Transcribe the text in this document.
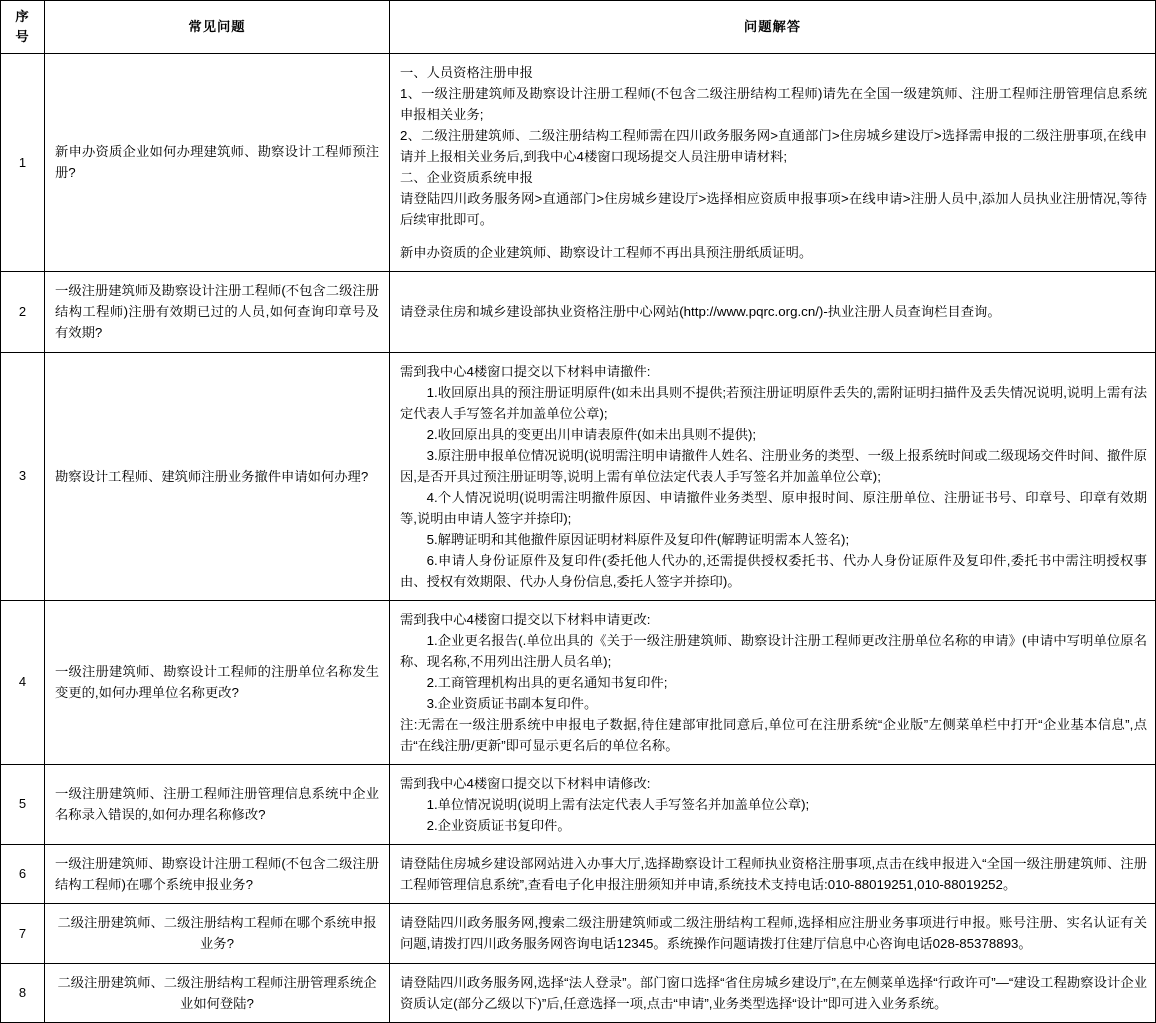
序号	常见问题	问题解答
1	新申办资质企业如何办理建筑师、勘察设计工程师预注册?	
一、人员资格注册申报
1、一级注册建筑师及勘察设计注册工程师(不包含二级注册结构工程师)请先在全国一级建筑师、注册工程师注册管理信息系统申报相关业务;
2、二级注册建筑师、二级注册结构工程师需在四川政务服务网>直通部门>住房城乡建设厅>选择需申报的二级注册事项,在线申请并上报相关业务后,到我中心4楼窗口现场提交人员注册申请材料;
二、企业资质系统申报
请登陆四川政务服务网>直通部门>住房城乡建设厅>选择相应资质申报事项>在线申请>注册人员中,添加人员执业注册情况,等待后续审批即可。
新申办资质的企业建筑师、勘察设计工程师不再出具预注册纸质证明。

2	一级注册建筑师及勘察设计注册工程师(不包含二级注册结构工程师)注册有效期已过的人员,如何查询印章号及有效期?	请登录住房和城乡建设部执业资格注册中心网站(http://www.pqrc.org.cn/)-执业注册人员查询栏目查询。

3	勘察设计工程师、建筑师注册业务撤件申请如何办理?	
需到我中心4楼窗口提交以下材料申请撤件:
1.收回原出具的预注册证明原件(如未出具则不提供;若预注册证明原件丢失的,需附证明扫描件及丢失情况说明,说明上需有法定代表人手写签名并加盖单位公章);
2.收回原出具的变更出川申请表原件(如未出具则不提供);
3.原注册申报单位情况说明(说明需注明申请撤件人姓名、注册业务的类型、一级上报系统时间或二级现场交件时间、撤件原因,是否开具过预注册证明等,说明上需有单位法定代表人手写签名并加盖单位公章);
4.个人情况说明(说明需注明撤件原因、申请撤件业务类型、原申报时间、原注册单位、注册证书号、印章号、印章有效期等,说明由申请人签字并捺印);
5.解聘证明和其他撤件原因证明材料原件及复印件(解聘证明需本人签名);
6.申请人身份证原件及复印件(委托他人代办的,还需提供授权委托书、代办人身份证原件及复印件,委托书中需注明授权事由、授权有效期限、代办人身份信息,委托人签字并捺印)。

4	一级注册建筑师、勘察设计工程师的注册单位名称发生变更的,如何办理单位名称更改?	需到我中心4楼窗口提交以下材料申请更改:
1.企业更名报告(.单位出具的《关于一级注册建筑师、勘察设计注册工程师更改注册单位名称的申请》(申请中写明单位原名称、现名称,不用列出注册人员名单);
2.工商管理机构出具的更名通知书复印件;
3.企业资质证书副本复印件。
注:无需在一级注册系统中申报电子数据,待住建部审批同意后,单位可在注册系统“企业版”左侧菜单栏中打开“企业基本信息”,点击“在线注册/更新”即可显示更名后的单位名称。

5	一级注册建筑师、注册工程师注册管理信息系统中企业名称录入错误的,如何办理名称修改?	需到我中心4楼窗口提交以下材料申请修改:
1.单位情况说明(说明上需有法定代表人手写签名并加盖单位公章);
2.企业资质证书复印件。

6	一级注册建筑师、勘察设计注册工程师(不包含二级注册结构工程师)在哪个系统申报业务?	请登陆住房城乡建设部网站进入办事大厅,选择勘察设计工程师执业资格注册事项,点击在线申报进入“全国一级注册建筑师、注册工程师管理信息系统”,查看电子化申报注册须知并申请,系统技术支持电话:010-88019251,010-88019252。

7	二级注册建筑师、二级注册结构工程师在哪个系统申报业务?	请登陆四川政务服务网,搜索二级注册建筑师或二级注册结构工程师,选择相应注册业务事项进行申报。账号注册、实名认证有关问题,请拨打四川政务服务网咨询电话12345。系统操作问题请拨打住建厅信息中心咨询电话028-85378893。

8	二级注册建筑师、二级注册结构工程师注册管理系统企业如何登陆?	请登陆四川政务服务网,选择“法人登录”。部门窗口选择“省住房城乡建设厅”,在左侧菜单选择“行政许可”—“建设工程勘察设计企业资质认定(部分乙级以下)”后,任意选择一项,点击“申请”,业务类型选择“设计”即可进入业务系统。
